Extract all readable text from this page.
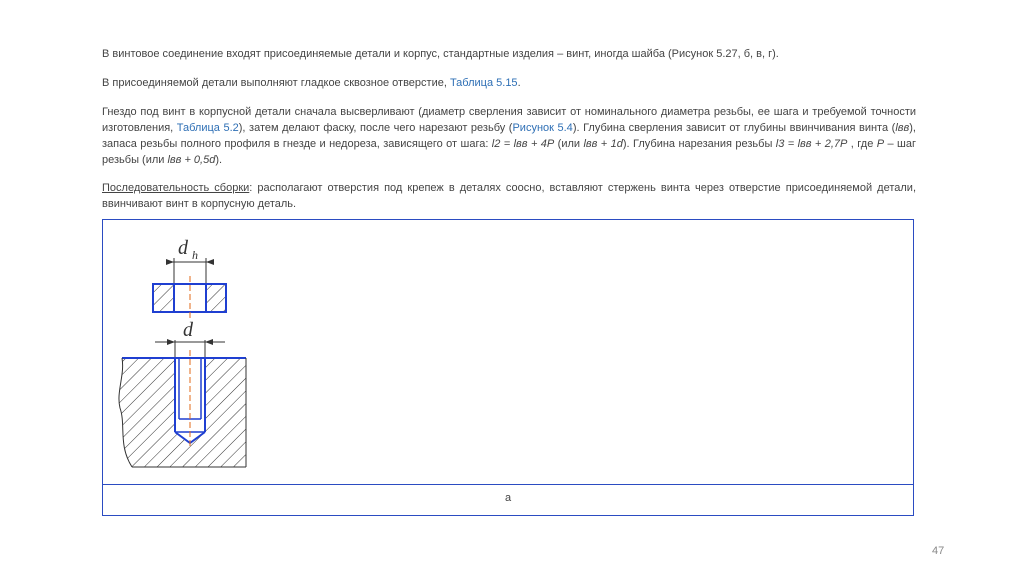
В винтовое соединение входят присоединяемые детали и корпус, стандартные изделия – винт, иногда шайба (Рисунок 5.27, б, в, г).
В присоединяемой детали выполняют гладкое сквозное отверстие, Таблица 5.15.
Гнездо под винт в корпусной детали сначала высверливают (диаметр сверления зависит от номинального диаметра резьбы, ее шага и требуемой точности изготовления, Таблица 5.2), затем делают фаску, после чего нарезают резьбу (Рисунок 5.4). Глубина сверления зависит от глубины ввинчивания винта (lвв), запаса резьбы полного профиля в гнезде и недореза, зависящего от шага: l2 = lвв + 4P (или lвв + 1d). Глубина нарезания резьбы l3 = lвв + 2,7P , где P – шаг резьбы (или lвв + 0,5d).
Последовательность сборки: располагают отверстия под крепеж в деталях соосно, вставляют стержень винта через отверстие присоединяемой детали, ввинчивают винт в корпусную деталь.
а
d h
d
47
